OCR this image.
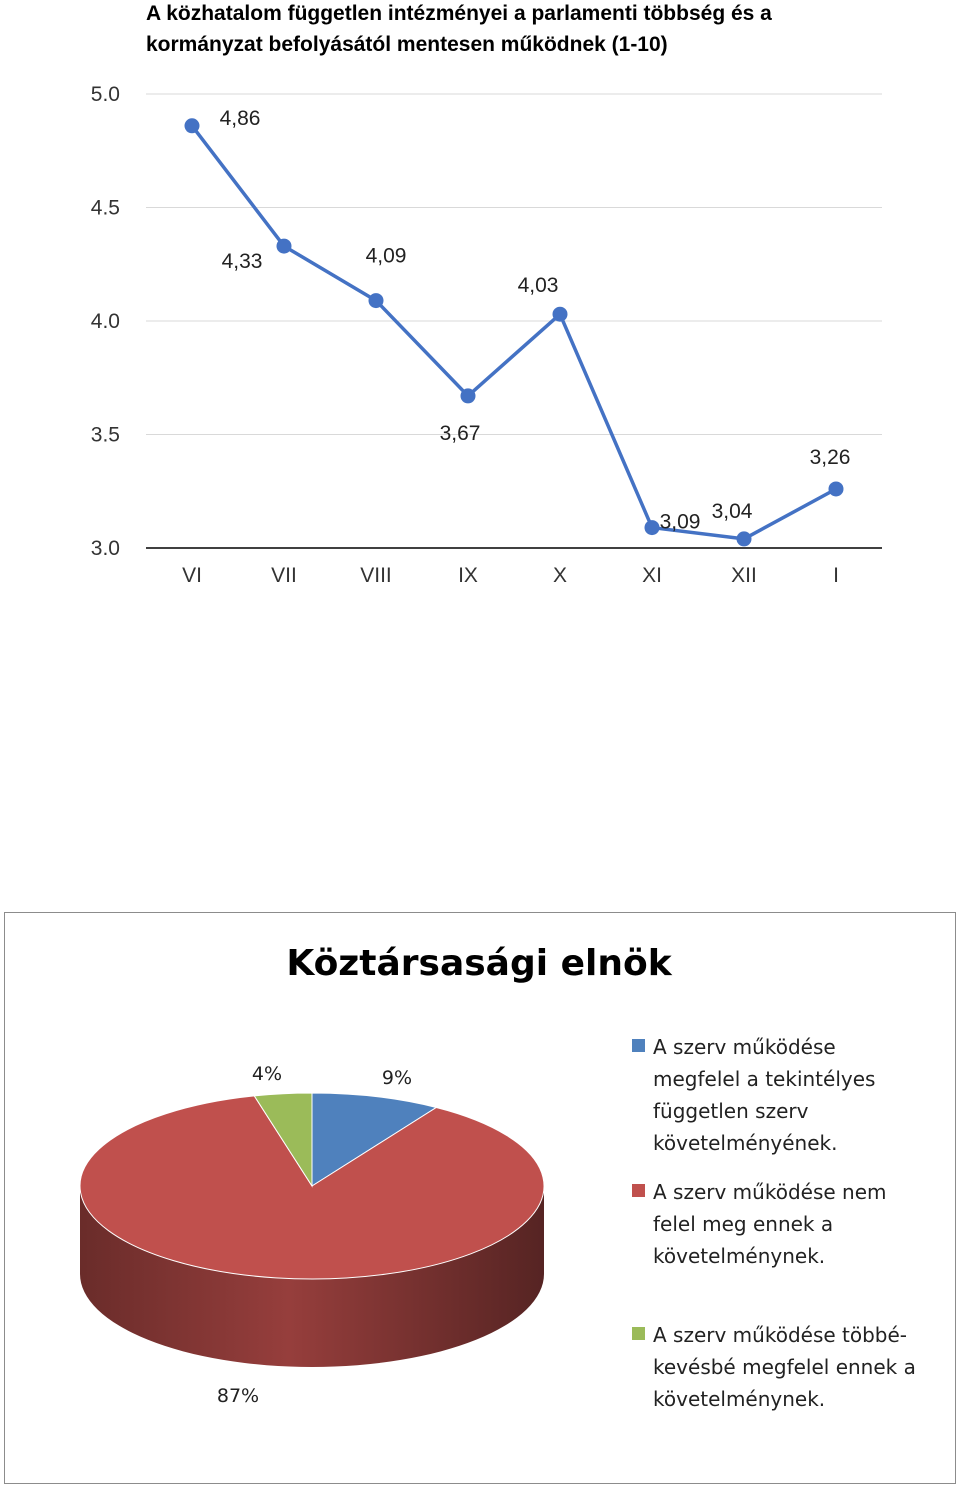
A közhatalom független intézményei a parlamenti többség és a
kormányzat befolyásától mentesen működnek (1-10)
5.0
4.5
4.0
3.5
3.0
VI	VII	VIII	IX	X	XI	XII	I
4,86
4,33	4,09
3,67
4,03
3,09 3,04
3,26
Köztársasági elnök
9%
87%
4%
A szerv működése
megfelel a tekintélyes
független szerv
követelményének.
A szerv működése nem
felel meg ennek a
követelménynek.
A szerv működése többé-
kevésbé megfelel ennek a
követelménynek.
